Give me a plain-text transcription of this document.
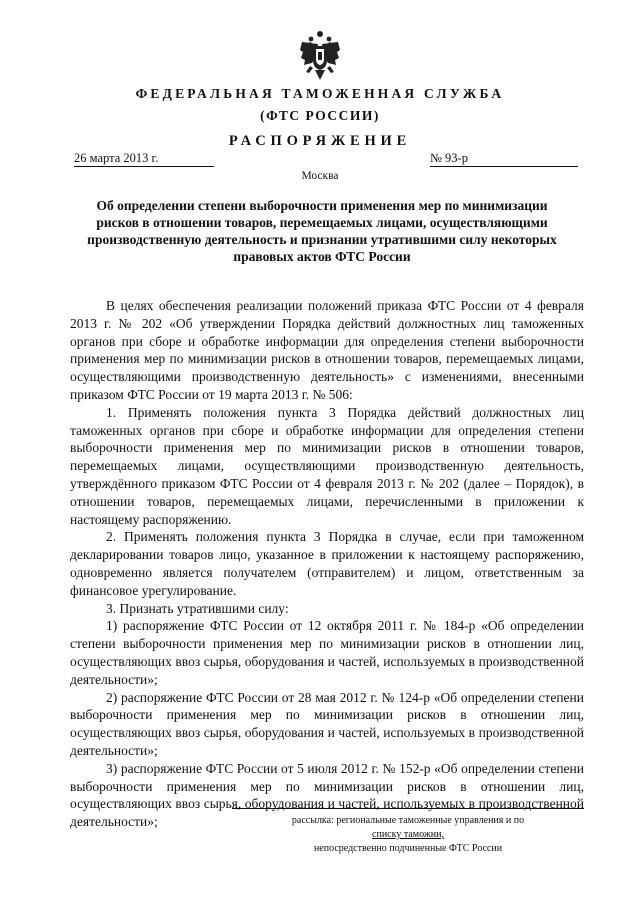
ФЕДЕРАЛЬНАЯ ТАМОЖЕННАЯ СЛУЖБА
(ФТС РОССИИ)
РАСПОРЯЖЕНИЕ
26 марта 2013 г.	№ 93-р
Москва
Об определении степени выборочности применения мер по минимизации
рисков в отношении товаров, перемещаемых лицами, осуществляющими
производственную деятельность и признании утратившими силу некоторых
правовых актов ФТС России

В целях обеспечения реализации положений приказа ФТС России от 4 февраля 2013 г. № 202 «Об утверждении Порядка действий должностных лиц таможенных органов при сборе и обработке информации для определения степени выборочности применения мер по минимизации рисков в отношении товаров, перемещаемых лицами, осуществляющими производственную деятельность» с изменениями, внесенными приказом ФТС России от 19 марта 2013 г. № 506:

1. Применять положения пункта 3 Порядка действий должностных лиц таможенных органов при сборе и обработке информации для определения степени выборочности применения мер по минимизации рисков в отношении товаров, перемещаемых лицами, осуществляющими производственную деятельность, утверждённого приказом ФТС России от 4 февраля 2013 г. № 202 (далее – Порядок), в отношении товаров, перемещаемых лицами, перечисленными в приложении к настоящему распоряжению.

2. Применять положения пункта 3 Порядка в случае, если при таможенном декларировании товаров лицо, указанное в приложении к настоящему распоряжению, одновременно является получателем (отправителем) и лицом, ответственным за финансовое урегулирование.

3. Признать утратившими силу:

1) распоряжение ФТС России от 12 октября 2011 г. № 184-р «Об определении степени выборочности применения мер по минимизации рисков в отношении лиц, осуществляющих ввоз сырья, оборудования и частей, используемых в производственной деятельности»;

2) распоряжение ФТС России от 28 мая 2012 г. № 124-р «Об определении степени выборочности применения мер по минимизации рисков в отношении лиц, осуществляющих ввоз сырья, оборудования и частей, используемых в производственной деятельности»;

3) распоряжение ФТС России от 5 июля 2012 г. № 152-р «Об определении степени выборочности применения мер по минимизации рисков в отношении лиц, осуществляющих ввоз сырья, оборудования и частей, используемых в производственной деятельности»;	рассылка: региональные таможенные управления и по
списку таможни,
непосредственно подчиненные ФТС России
